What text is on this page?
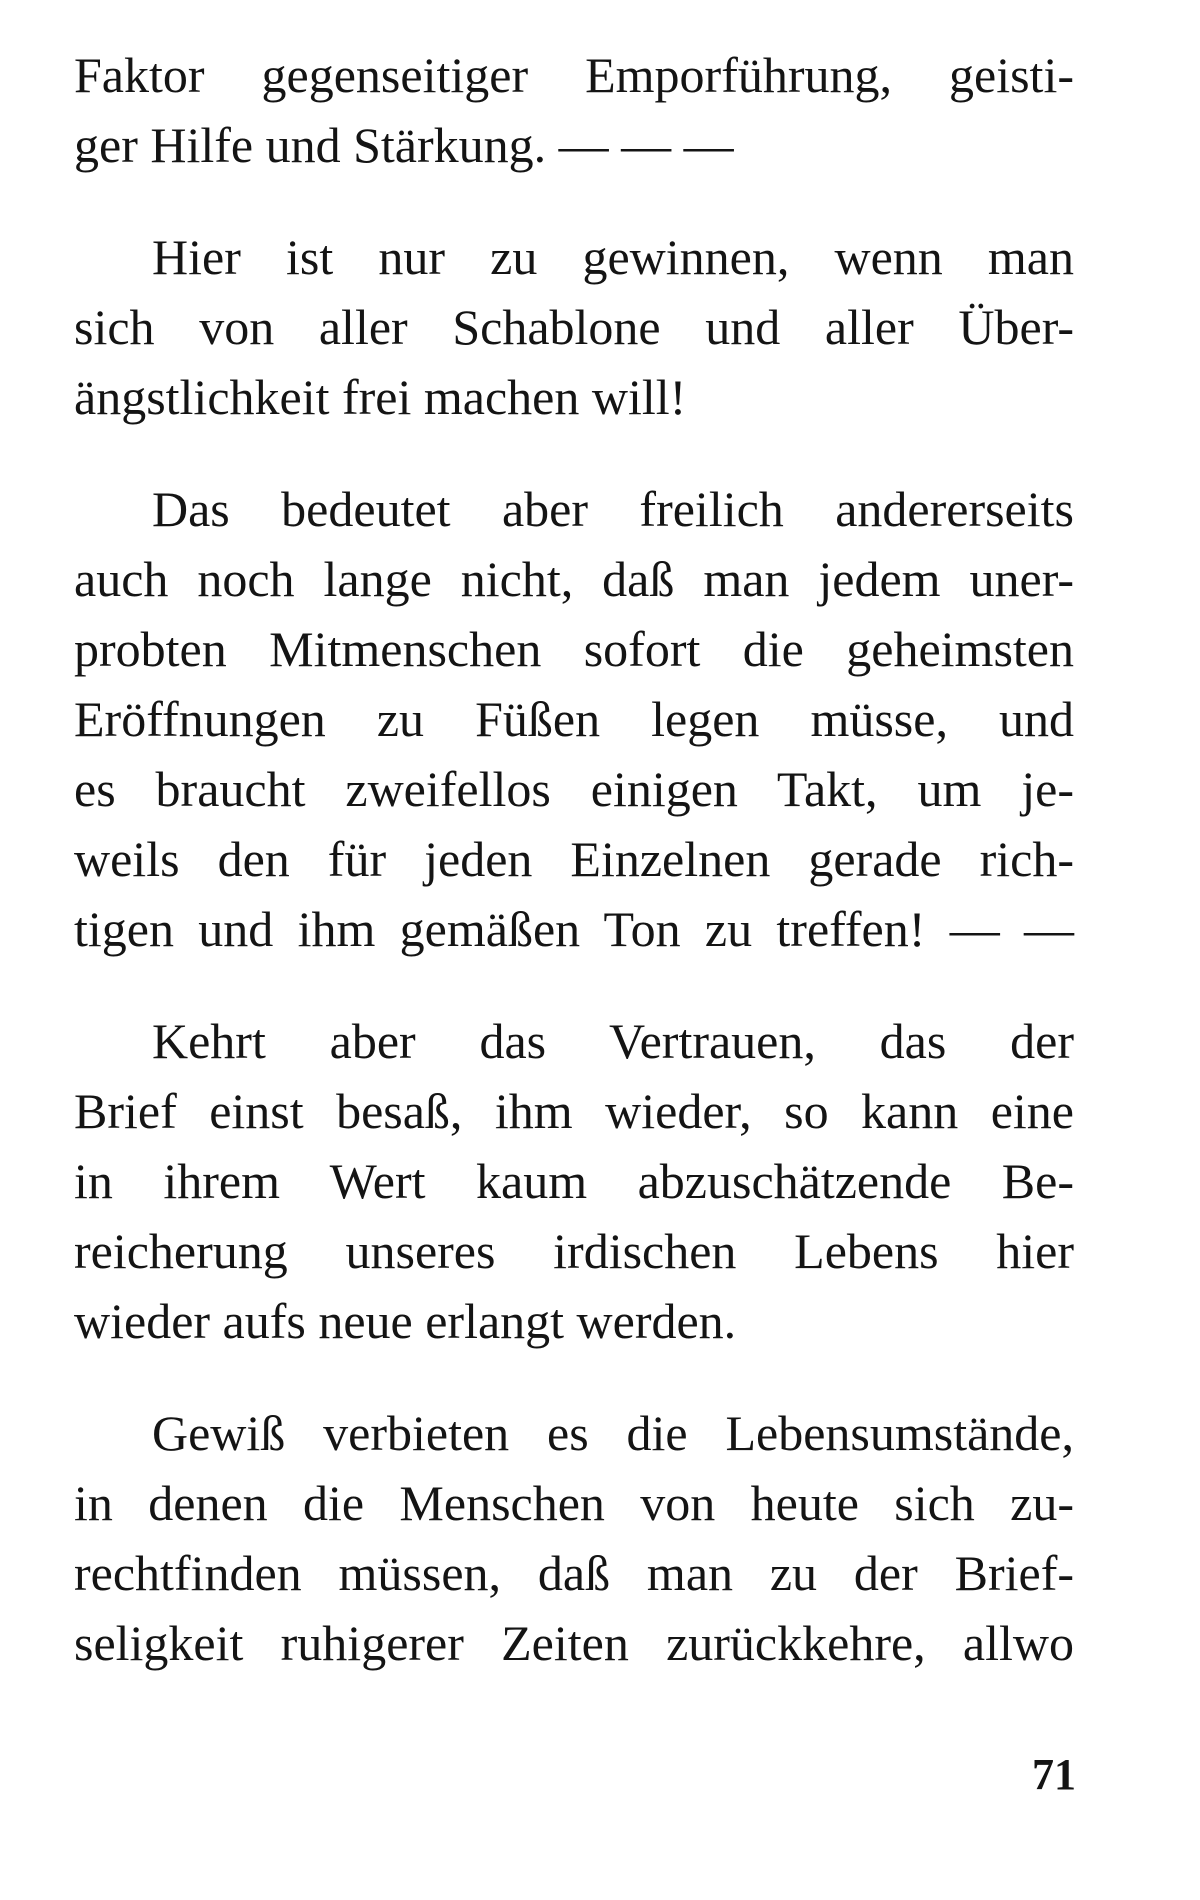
Faktor gegenseitiger Emporführung, geisti-
ger Hilfe und Stärkung. — — —
Hier ist nur zu gewinnen, wenn man
sich von aller Schablone und aller Über-
ängstlichkeit frei machen will!
Das bedeutet aber freilich andererseits
auch noch lange nicht, daß man jedem uner-
probten Mitmenschen sofort die geheimsten
Eröffnungen zu Füßen legen müsse, und
es braucht zweifellos einigen Takt, um je-
weils den für jeden Einzelnen gerade rich-
tigen und ihm gemäßen Ton zu treffen! — —
Kehrt aber das Vertrauen, das der
Brief einst besaß, ihm wieder, so kann eine
in ihrem Wert kaum abzuschätzende Be-
reicherung unseres irdischen Lebens hier
wieder aufs neue erlangt werden.
Gewiß verbieten es die Lebensumstände,
in denen die Menschen von heute sich zu-
rechtfinden müssen, daß man zu der Brief-
seligkeit ruhigerer Zeiten zurückkehre, allwo
71
